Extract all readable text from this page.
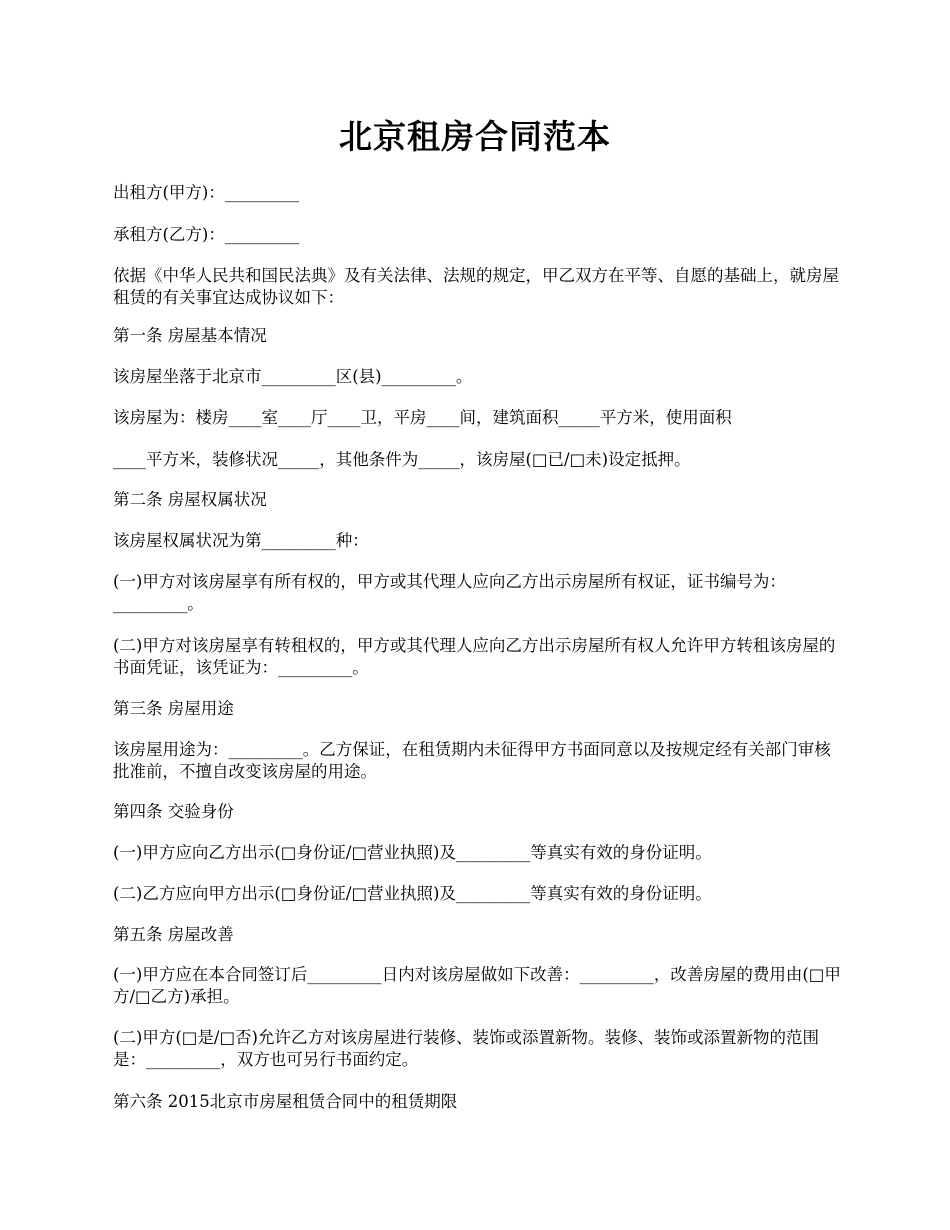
北京租房合同范本
出租方(甲方)：_________
承租方(乙方)：_________
依据《中华人民共和国民法典》及有关法律、法规的规定，甲乙双方在平等、自愿的基础上，就房屋租赁的有关事宜达成协议如下：
第一条 房屋基本情况
该房屋坐落于北京市_________区(县)_________。
该房屋为：楼房____室____厅____卫，平房____间，建筑面积_____平方米，使用面积
____平方米，装修状况_____，其他条件为_____，该房屋(□已/□未)设定抵押。
第二条 房屋权属状况
该房屋权属状况为第_________种：
(一)甲方对该房屋享有所有权的，甲方或其代理人应向乙方出示房屋所有权证，证书编号为：_________。
(二)甲方对该房屋享有转租权的，甲方或其代理人应向乙方出示房屋所有权人允许甲方转租该房屋的书面凭证，该凭证为：_________。
第三条 房屋用途
该房屋用途为：_________。乙方保证，在租赁期内未征得甲方书面同意以及按规定经有关部门审核批准前，不擅自改变该房屋的用途。
第四条 交验身份
(一)甲方应向乙方出示(□身份证/□营业执照)及_________等真实有效的身份证明。
(二)乙方应向甲方出示(□身份证/□营业执照)及_________等真实有效的身份证明。
第五条 房屋改善
(一)甲方应在本合同签订后_________日内对该房屋做如下改善：_________，改善房屋的费用由(□甲方/□乙方)承担。
(二)甲方(□是/□否)允许乙方对该房屋进行装修、装饰或添置新物。装修、装饰或添置新物的范围是：_________，双方也可另行书面约定。
第六条 2015北京市房屋租赁合同中的租赁期限
